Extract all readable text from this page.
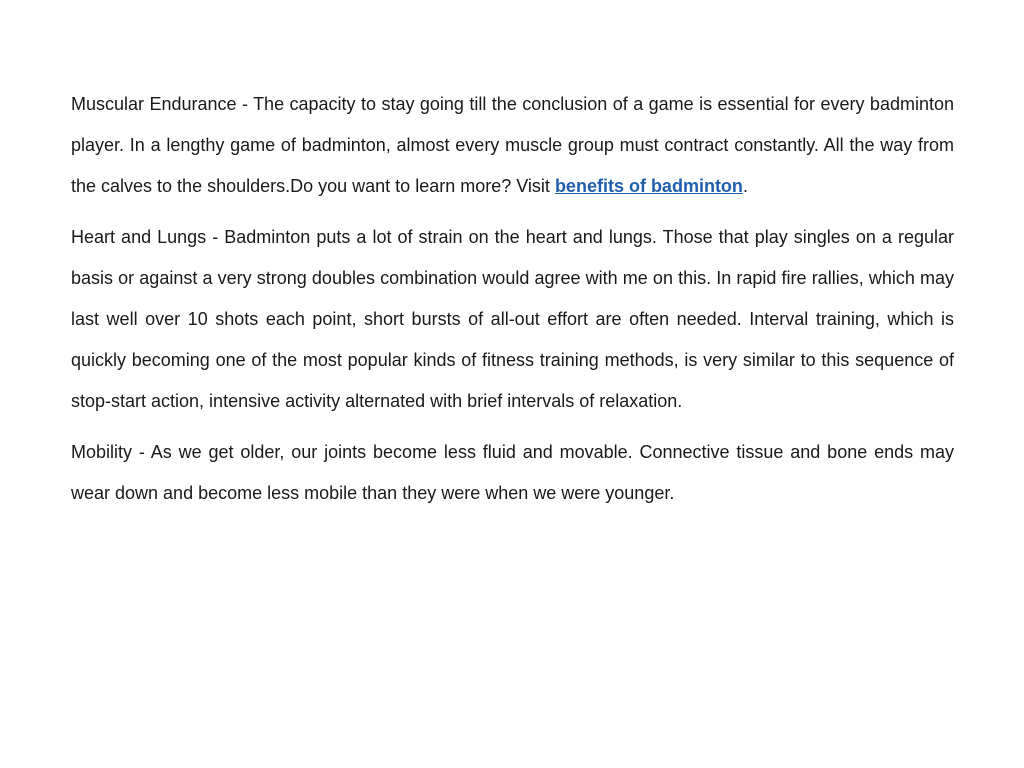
Muscular Endurance - The capacity to stay going till the conclusion of a game is essential for every badminton player. In a lengthy game of badminton, almost every muscle group must contract constantly. All the way from the calves to the shoulders.Do you want to learn more? Visit benefits of badminton.

Heart and Lungs - Badminton puts a lot of strain on the heart and lungs. Those that play singles on a regular basis or against a very strong doubles combination would agree with me on this. In rapid fire rallies, which may last well over 10 shots each point, short bursts of all-out effort are often needed. Interval training, which is quickly becoming one of the most popular kinds of fitness training methods, is very similar to this sequence of stop-start action, intensive activity alternated with brief intervals of relaxation.

Mobility - As we get older, our joints become less fluid and movable. Connective tissue and bone ends may wear down and become less mobile than they were when we were younger.
